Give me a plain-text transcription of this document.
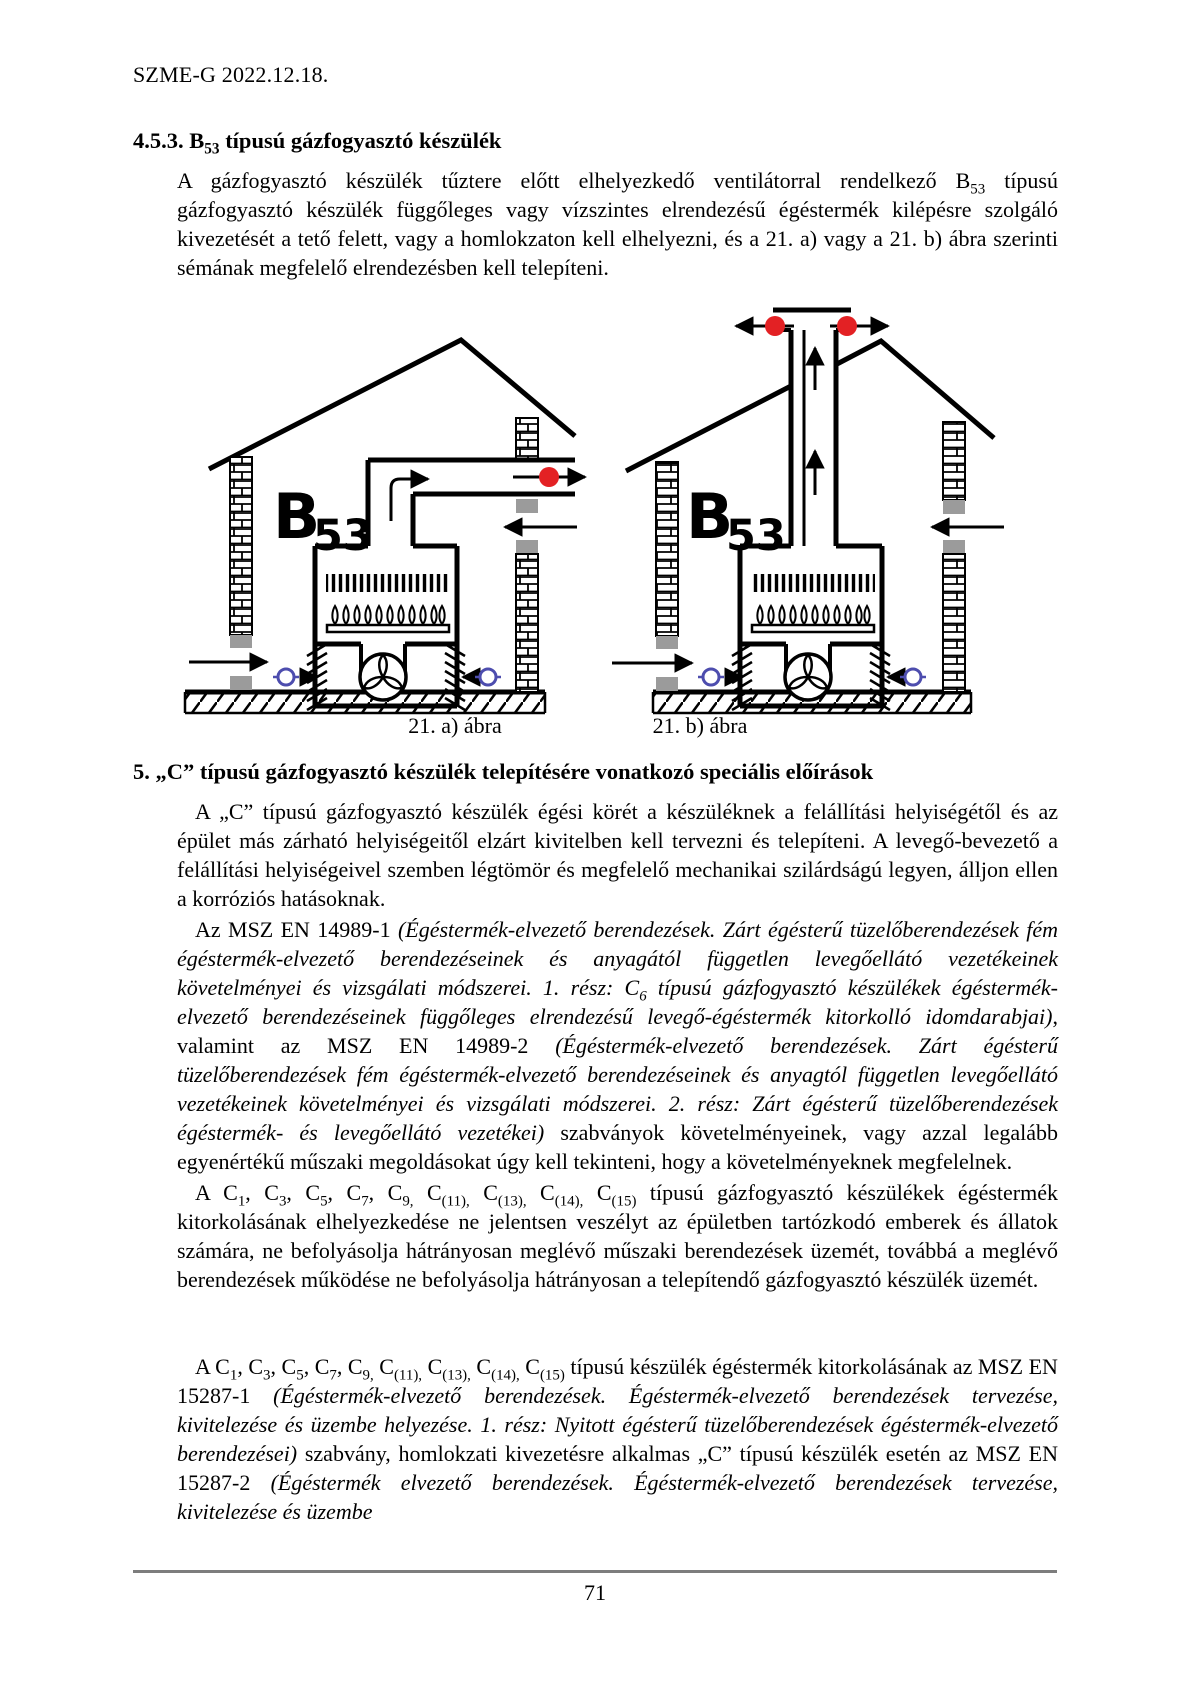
SZME-G 2022.12.18.
4.5.3. $B_{53}$ típusú gázfogyasztó készülék
A gázfogyasztó készülék tűztere előtt elhelyezkedő ventilátorral rendelkező $B_{53}$ típusú gázfogyasztó készülék függőleges vagy vízszintes elrendezésű égéstermék kilépésre szolgáló kivezetését a tető felett, vagy a homlokzaton kell elhelyezni, és a 21. a) vagy a 21. b) ábra szerinti sémának megfelelő elrendezésben kell telepíteni.
B
53	B
53
21. a) ábra	21. b) ábra
5. „C” típusú gázfogyasztó készülék telepítésére vonatkozó speciális előírások
A „C” típusú gázfogyasztó készülék égési körét a készüléknek a felállítási helyiségétől és az épület más zárható helyiségeitől elzárt kivitelben kell tervezni és telepíteni. A levegő-bevezető a felállítási helyiségeivel szemben légtömör és megfelelő mechanikai szilárdságú legyen, álljon ellen a korróziós hatásoknak.
Az MSZ EN 14989-1 (Égéstermék-elvezető berendezések. Zárt égésterű tüzelőberendezések fém égéstermék-elvezető berendezéseinek és anyagától független levegőellátó vezetékeinek követelményei és vizsgálati módszerei. 1. rész: $C_6$ típusú gázfogyasztó készülékek égéstermék-elvezető berendezéseinek függőleges elrendezésű levegő-égéstermék kitorkolló idomdarabjai), valamint az MSZ EN 14989-2 (Égéstermék-elvezető berendezések. Zárt égésterű tüzelőberendezések fém égéstermék-elvezető berendezéseinek és anyagtól független levegőellátó vezetékeinek követelményei és vizsgálati módszerei. 2. rész: Zárt égésterű tüzelőberendezések égéstermék- és levegőellátó vezetékei) szabványok követelményeinek, vagy azzal legalább egyenértékű műszaki megoldásokat úgy kell tekinteni, hogy a követelményeknek megfelelnek.
A $C_1$, $C_3$, $C_5$, $C_7$, $C_{9,}$ $C_{(11),}$ $C_{(13),}$ $C_{(14),}$ $C_{(15)}$ típusú gázfogyasztó készülékek égéstermék kitorkolásának elhelyezkedése ne jelentsen veszélyt az épületben tartózkodó emberek és állatok számára, ne befolyásolja hátrányosan meglévő műszaki berendezések üzemét, továbbá a meglévő berendezések működése ne befolyásolja hátrányosan a telepítendő gázfogyasztó készülék üzemét.
A $C_1$, $C_3$, $C_5$, $C_7$, $C_{9,}$ $C_{(11),}$ $C_{(13),}$ $C_{(14),}$ $C_{(15)}$ típusú készülék égéstermék kitorkolásának az MSZ EN 15287-1 (Égéstermék-elvezető berendezések. Égéstermék-elvezető berendezések tervezése, kivitelezése és üzembe helyezése. 1. rész: Nyitott égésterű tüzelőberendezések égéstermék-elvezető berendezései) szabvány, homlokzati kivezetésre alkalmas „C” típusú készülék esetén az MSZ EN 15287-2 (Égéstermék elvezető berendezések. Égéstermék-elvezető berendezések tervezése, kivitelezése és üzembe
71
